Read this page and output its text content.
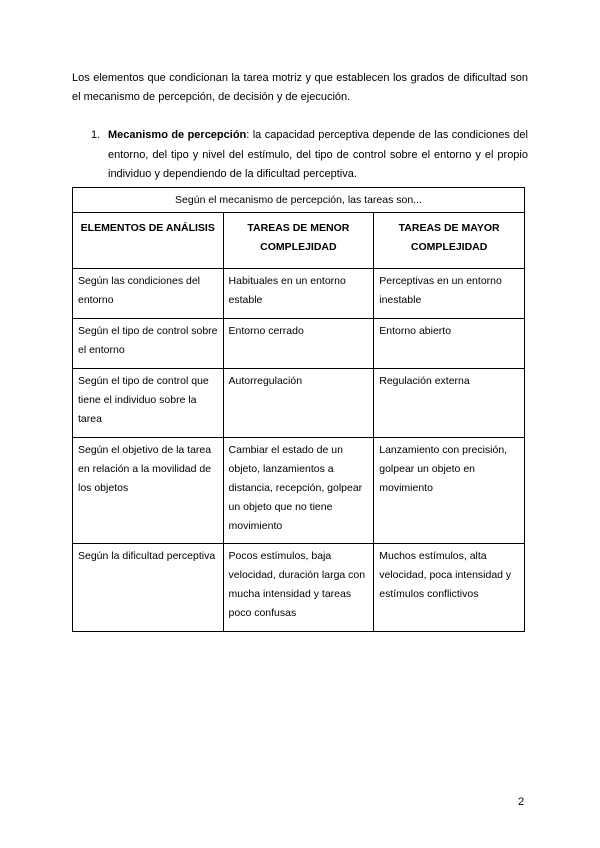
Los elementos que condicionan la tarea motriz y que establecen los grados de dificultad son el mecanismo de percepción, de decisión y de ejecución.

1. Mecanismo de percepción: la capacidad perceptiva depende de las condiciones del entorno, del tipo y nivel del estímulo, del tipo de control sobre el entorno y el propio individuo y dependiendo de la dificultad perceptiva.
Según el mecanismo de percepción, las tareas son...		
ELEMENTOS DE ANÁLISIS	TAREAS DE MENOR COMPLEJIDAD	TAREAS DE MAYOR COMPLEJIDAD
Según las condiciones del entorno	Habituales en un entorno estable	Perceptivas en un entorno inestable
Según el tipo de control sobre el entorno	Entorno cerrado	Entorno abierto
Según el tipo de control que tiene el individuo sobre la tarea	Autorregulación	Regulación externa
Según el objetivo de la tarea en relación a la movilidad de los objetos	Cambiar el estado de un objeto, lanzamientos a distancia, recepción, golpear un objeto que no tiene movimiento	Lanzamiento con precisión, golpear un objeto en movimiento
Según la dificultad perceptiva	Pocos estímulos, baja velocidad, duración larga con mucha intensidad y tareas poco confusas	Muchos estímulos, alta velocidad, poca intensidad y estímulos conflictivos
2
